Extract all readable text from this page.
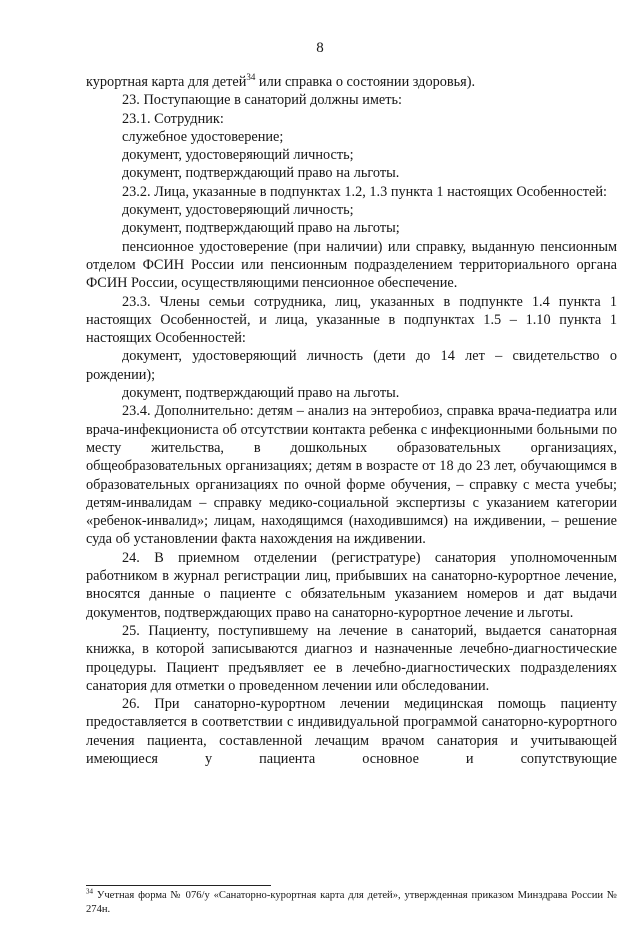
8

курортная карта для детей$^{34}$ или справка о состоянии здоровья).

23. Поступающие в санаторий должны иметь:

23.1. Сотрудник:

служебное удостоверение;

документ, удостоверяющий личность;

документ, подтверждающий право на льготы.

23.2. Лица, указанные в подпунктах 1.2, 1.3 пункта 1 настоящих Особенностей:

документ, удостоверяющий личность;

документ, подтверждающий право на льготы;

пенсионное удостоверение (при наличии) или справку, выданную пенсионным отделом ФСИН России или пенсионным подразделением территориального органа ФСИН России, осуществляющими пенсионное обеспечение.

23.3. Члены семьи сотрудника, лиц, указанных в подпункте 1.4 пункта 1 настоящих Особенностей, и лица, указанные в подпунктах 1.5 – 1.10 пункта 1 настоящих Особенностей:

документ, удостоверяющий личность (дети до 14 лет – свидетельство о рождении);

документ, подтверждающий право на льготы.

23.4. Дополнительно: детям – анализ на энтеробиоз, справка врача-педиатра или врача-инфекциониста об отсутствии контакта ребенка с инфекционными больными по месту жительства, в дошкольных образовательных организациях, общеобразовательных организациях; детям в возрасте от 18 до 23 лет, обучающимся в образовательных организациях по очной форме обучения, – справку с места учебы; детям-инвалидам – справку медико-социальной экспертизы с указанием категории «ребенок-инвалид»; лицам, находящимся (находившимся) на иждивении, – решение суда об установлении факта нахождения на иждивении.

24. В приемном отделении (регистратуре) санатория уполномоченным работником в журнал регистрации лиц, прибывших на санаторно-курортное лечение, вносятся данные о пациенте с обязательным указанием номеров и дат выдачи документов, подтверждающих право на санаторно-курортное лечение и льготы.

25. Пациенту, поступившему на лечение в санаторий, выдается санаторная книжка, в которой записываются диагноз и назначенные лечебно-диагностические процедуры. Пациент предъявляет ее в лечебно-диагностических подразделениях санатория для отметки о проведенном лечении или обследовании.

26. При санаторно-курортном лечении медицинская помощь пациенту предоставляется в соответствии с индивидуальной программой санаторно-курортного лечения пациента, составленной лечащим врачом санатория и учитывающей имеющиеся у пациента основное и сопутствующие

$^{34}$ Учетная форма № 076/у «Санаторно-курортная карта для детей», утвержденная приказом Минздрава России № 274н.
